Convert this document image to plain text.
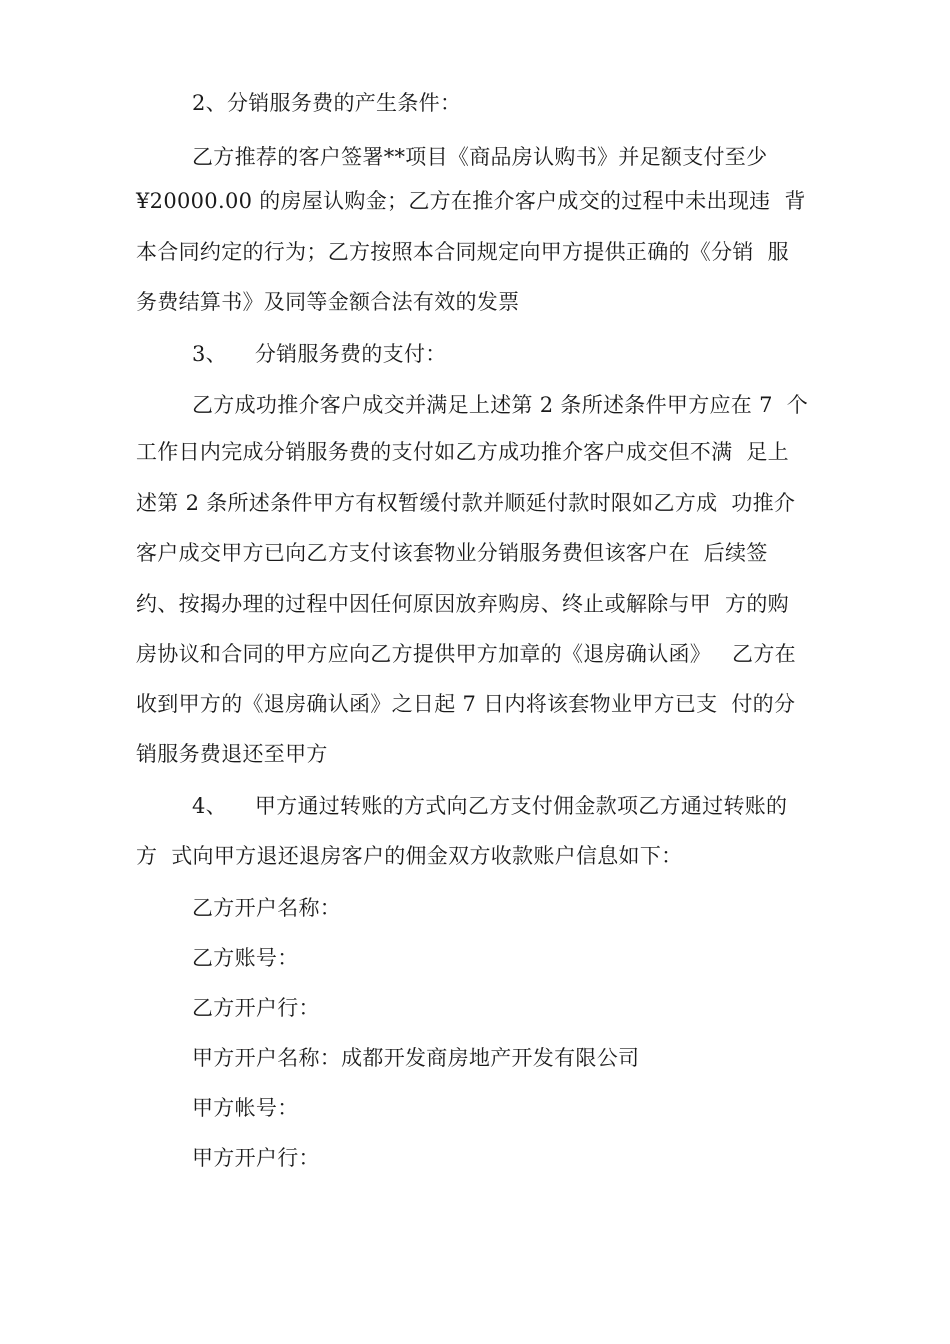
2、分销服务费的产生条件：

乙方推荐的客户签署**项目《商品房认购书》并足额支付至少

¥20000.00 的房屋认购金；乙方在推介客户成交的过程中未出现违  背

本合同约定的行为；乙方按照本合同规定向甲方提供正确的《分销  服

务费结算书》及同等金额合法有效的发票

3、    分销服务费的支付：

乙方成功推介客户成交并满足上述第 2 条所述条件甲方应在 7  个

工作日内完成分销服务费的支付如乙方成功推介客户成交但不满  足上

述第 2 条所述条件甲方有权暂缓付款并顺延付款时限如乙方成  功推介

客户成交甲方已向乙方支付该套物业分销服务费但该客户在  后续签

约、按揭办理的过程中因任何原因放弃购房、终止或解除与甲  方的购

房协议和合同的甲方应向乙方提供甲方加章的《退房确认函》   乙方在

收到甲方的《退房确认函》之日起 7 日内将该套物业甲方已支  付的分

销服务费退还至甲方

4、    甲方通过转账的方式向乙方支付佣金款项乙方通过转账的

方  式向甲方退还退房客户的佣金双方收款账户信息如下：

乙方开户名称：

乙方账号：

乙方开户行：

甲方开户名称：成都开发商房地产开发有限公司

甲方帐号：

甲方开户行：
